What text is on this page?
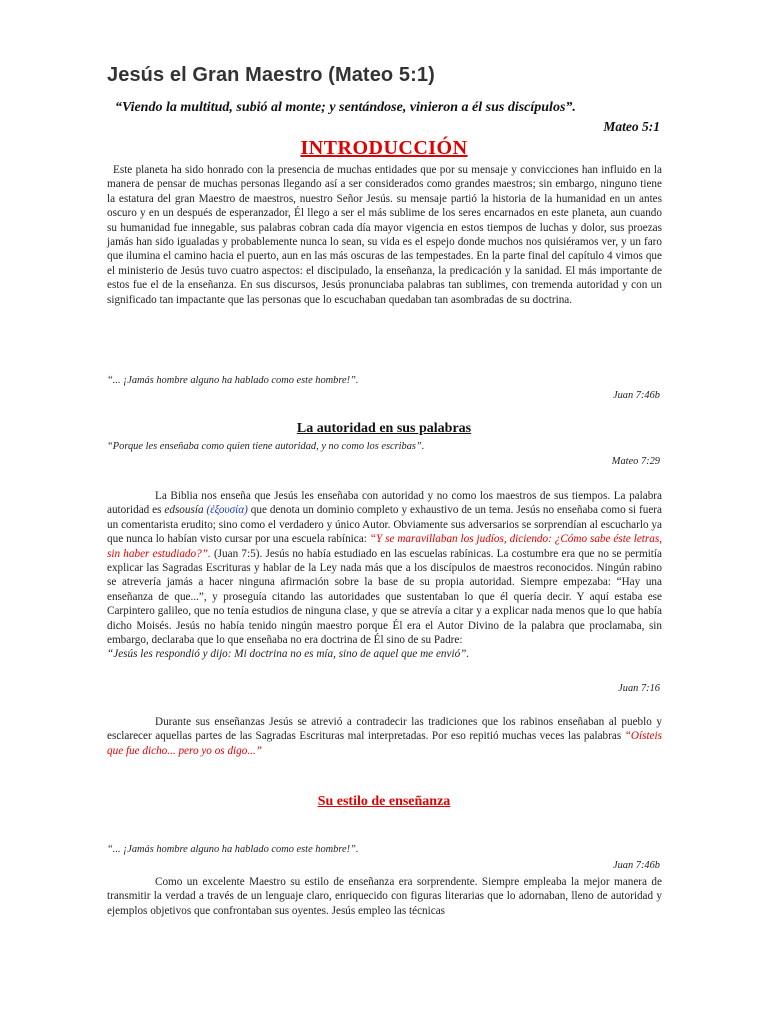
Jesús el Gran Maestro (Mateo 5:1)

“Viendo la multitud, subió al monte; y sentándose, vinieron a él sus discípulos”.

Mateo 5:1

INTRODUCCIÓN

Este planeta ha sido honrado con la presencia de muchas entidades que por su mensaje y convicciones han influido en la manera de pensar de muchas personas llegando así a ser considerados como grandes maestros; sin embargo, ninguno tiene la estatura del gran Maestro de maestros, nuestro Señor Jesús. su mensaje partió la historia de la humanidad en un antes oscuro y en un después de esperanzador, Él llego a ser el más sublime de los seres encarnados en este planeta, aun cuando su humanidad fue innegable, sus palabras cobran cada día mayor vigencia en estos tiempos de luchas y dolor, sus proezas jamás han sido igualadas y probablemente nunca lo sean, su vida es el espejo donde muchos nos quisiéramos ver, y un faro que ilumina el camino hacia el puerto, aun en las más oscuras de las tempestades. En la parte final del capítulo 4 vimos que el ministerio de Jesús tuvo cuatro aspectos: el discipulado, la enseñanza, la predicación y la sanidad. El más importante de estos fue el de la enseñanza. En sus discursos, Jesús pronunciaba palabras tan sublimes, con tremenda autoridad y con un significado tan impactante que las personas que lo escuchaban quedaban tan asombradas de su doctrina.

“... ¡Jamás hombre alguno ha hablado como este hombre!”.

Juan 7:46b

La autoridad en sus palabras

“Porque les enseñaba como quien tiene autoridad, y no como los escribas”.

Mateo 7:29

La Biblia nos enseña que Jesús les enseñaba con autoridad y no como los maestros de sus tiempos. La palabra autoridad es edsousía (ἐξουσία) que denota un dominio completo y exhaustivo de un tema. Jesús no enseñaba como si fuera un comentarista erudito; sino como el verdadero y único Autor. Obviamente sus adversarios se sorprendían al escucharlo ya que nunca lo habían visto cursar por una escuela rabínica: “Y se maravillaban los judíos, diciendo: ¿Cómo sabe éste letras, sin haber estudiado?”. (Juan 7:5). Jesús no había estudiado en las escuelas rabínicas. La costumbre era que no se permitía explicar las Sagradas Escrituras y hablar de la Ley nada más que a los discípulos de maestros reconocidos. Ningún rabino se atrevería jamás a hacer ninguna afirmación sobre la base de su propia autoridad. Siempre empezaba: “Hay una enseñanza de que...”, y proseguía citando las autoridades que sustentaban lo que él quería decir. Y aquí estaba ese Carpintero galileo, que no tenía estudios de ninguna clase, y que se atrevía a citar y a explicar nada menos que lo que había dicho Moisés. Jesús no había tenido ningún maestro porque Él era el Autor Divino de la palabra que proclamaba, sin embargo, declaraba que lo que enseñaba no era doctrina de Él sino de su Padre:
“Jesús les respondió y dijo: Mi doctrina no es mía, sino de aquel que me envió”.

Juan 7:16

Durante sus enseñanzas Jesús se atrevió a contradecir las tradiciones que los rabinos enseñaban al pueblo y esclarecer aquellas partes de las Sagradas Escrituras mal interpretadas. Por eso repitió muchas veces las palabras “Oísteis que fue dicho... pero yo os digo...”

Su estilo de enseñanza

“... ¡Jamás hombre alguno ha hablado como este hombre!”.

Juan 7:46b

Como un excelente Maestro su estilo de enseñanza era sorprendente. Siempre empleaba la mejor manera de transmitir la verdad a través de un lenguaje claro, enriquecido con figuras literarias que lo adornaban, lleno de autoridad y ejemplos objetivos que confrontaban sus oyentes. Jesús empleo las técnicas
